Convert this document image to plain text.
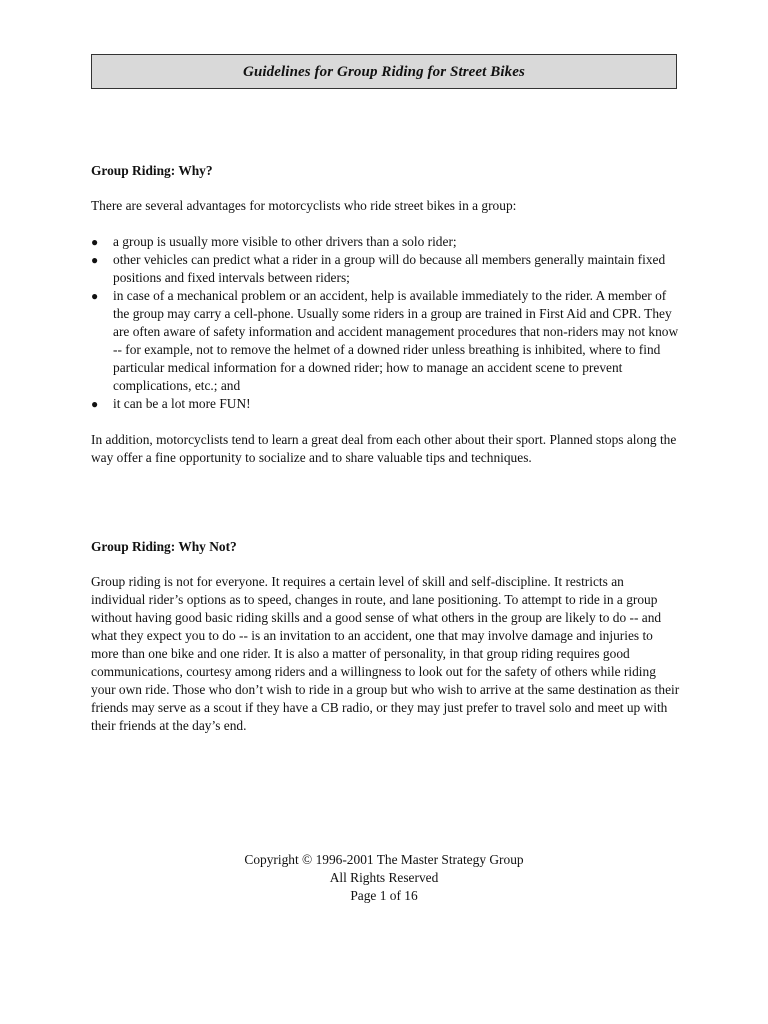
Guidelines for Group Riding for Street Bikes
Group Riding: Why?

There are several advantages for motorcyclists who ride street bikes in a group:

● a group is usually more visible to other drivers than a solo rider;
● other vehicles can predict what a rider in a group will do because all members generally maintain fixed positions and fixed intervals between riders;
● in case of a mechanical problem or an accident, help is available immediately to the rider. A member of the group may carry a cell-phone. Usually some riders in a group are trained in First Aid and CPR. They are often aware of safety information and accident management procedures that non-riders may not know -- for example, not to remove the helmet of a downed rider unless breathing is inhibited, where to find particular medical information for a downed rider; how to manage an accident scene to prevent complications, etc.; and
● it can be a lot more FUN!

In addition, motorcyclists tend to learn a great deal from each other about their sport. Planned stops along the way offer a fine opportunity to socialize and to share valuable tips and techniques.

Group Riding: Why Not?

Group riding is not for everyone. It requires a certain level of skill and self-discipline. It restricts an individual rider’s options as to speed, changes in route, and lane positioning. To attempt to ride in a group without having good basic riding skills and a good sense of what others in the group are likely to do -- and what they expect you to do -- is an invitation to an accident, one that may involve damage and injuries to more than one bike and one rider. It is also a matter of personality, in that group riding requires good communications, courtesy among riders and a willingness to look out for the safety of others while riding your own ride. Those who don’t wish to ride in a group but who wish to arrive at the same destination as their friends may serve as a scout if they have a CB radio, or they may just prefer to travel solo and meet up with their friends at the day’s end.

Copyright © 1996-2001 The Master Strategy Group
All Rights Reserved
Page 1 of 16
